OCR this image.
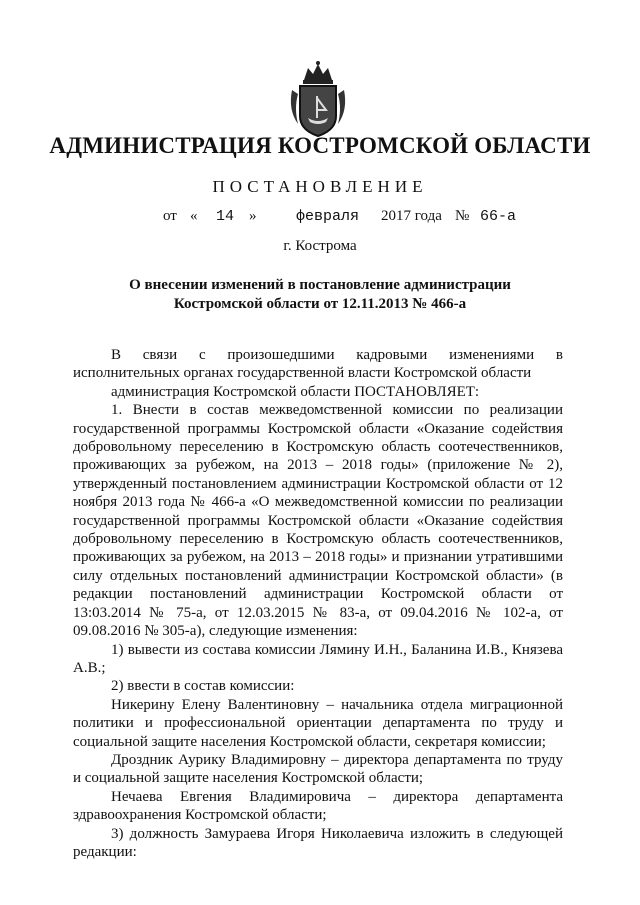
АДМИНИСТРАЦИЯ КОСТРОМСКОЙ ОБЛАСТИ
ПОСТАНОВЛЕНИЕ
от « 14 »	февраля 2017 года № 66-а
г. Кострома
О внесении изменений в постановление администрации
Костромской области от 12.11.2013 № 466-а

В связи с произошедшими кадровыми изменениями в исполнительных органах государственной власти Костромской области

администрация Костромской области ПОСТАНОВЛЯЕТ:

1. Внести в состав межведомственной комиссии по реализации государственной программы Костромской области «Оказание содействия добровольному переселению в Костромскую область соотечественников, проживающих за рубежом, на 2013 – 2018 годы» (приложение № 2), утвержденный постановлением администрации Костромской области от 12 ноября 2013 года № 466-а «О межведомственной комиссии по реализации государственной программы Костромской области «Оказание содействия добровольному переселению в Костромскую область соотечественников, проживающих за рубежом, на 2013 – 2018 годы» и признании утратившими силу отдельных постановлений администрации Костромской области» (в редакции постановлений администрации Костромской области от 13:03.2014 № 75-а, от 12.03.2015 № 83-а, от 09.04.2016 № 102-а, от 09.08.2016 № 305-а), следующие изменения:

1) вывести из состава комиссии Лямину И.Н., Баланина И.В., Князева А.В.;

2) ввести в состав комиссии:

Никерину Елену Валентиновну – начальника отдела миграционной политики и профессиональной ориентации департамента по труду и социальной защите населения Костромской области, секретаря комиссии;

Дроздник Аурику Владимировну – директора департамента по труду и социальной защите населения Костромской области;

Нечаева Евгения Владимировича – директора департамента здравоохранения Костромской области;

3) должность Замураева Игоря Николаевича изложить в следующей редакции:
